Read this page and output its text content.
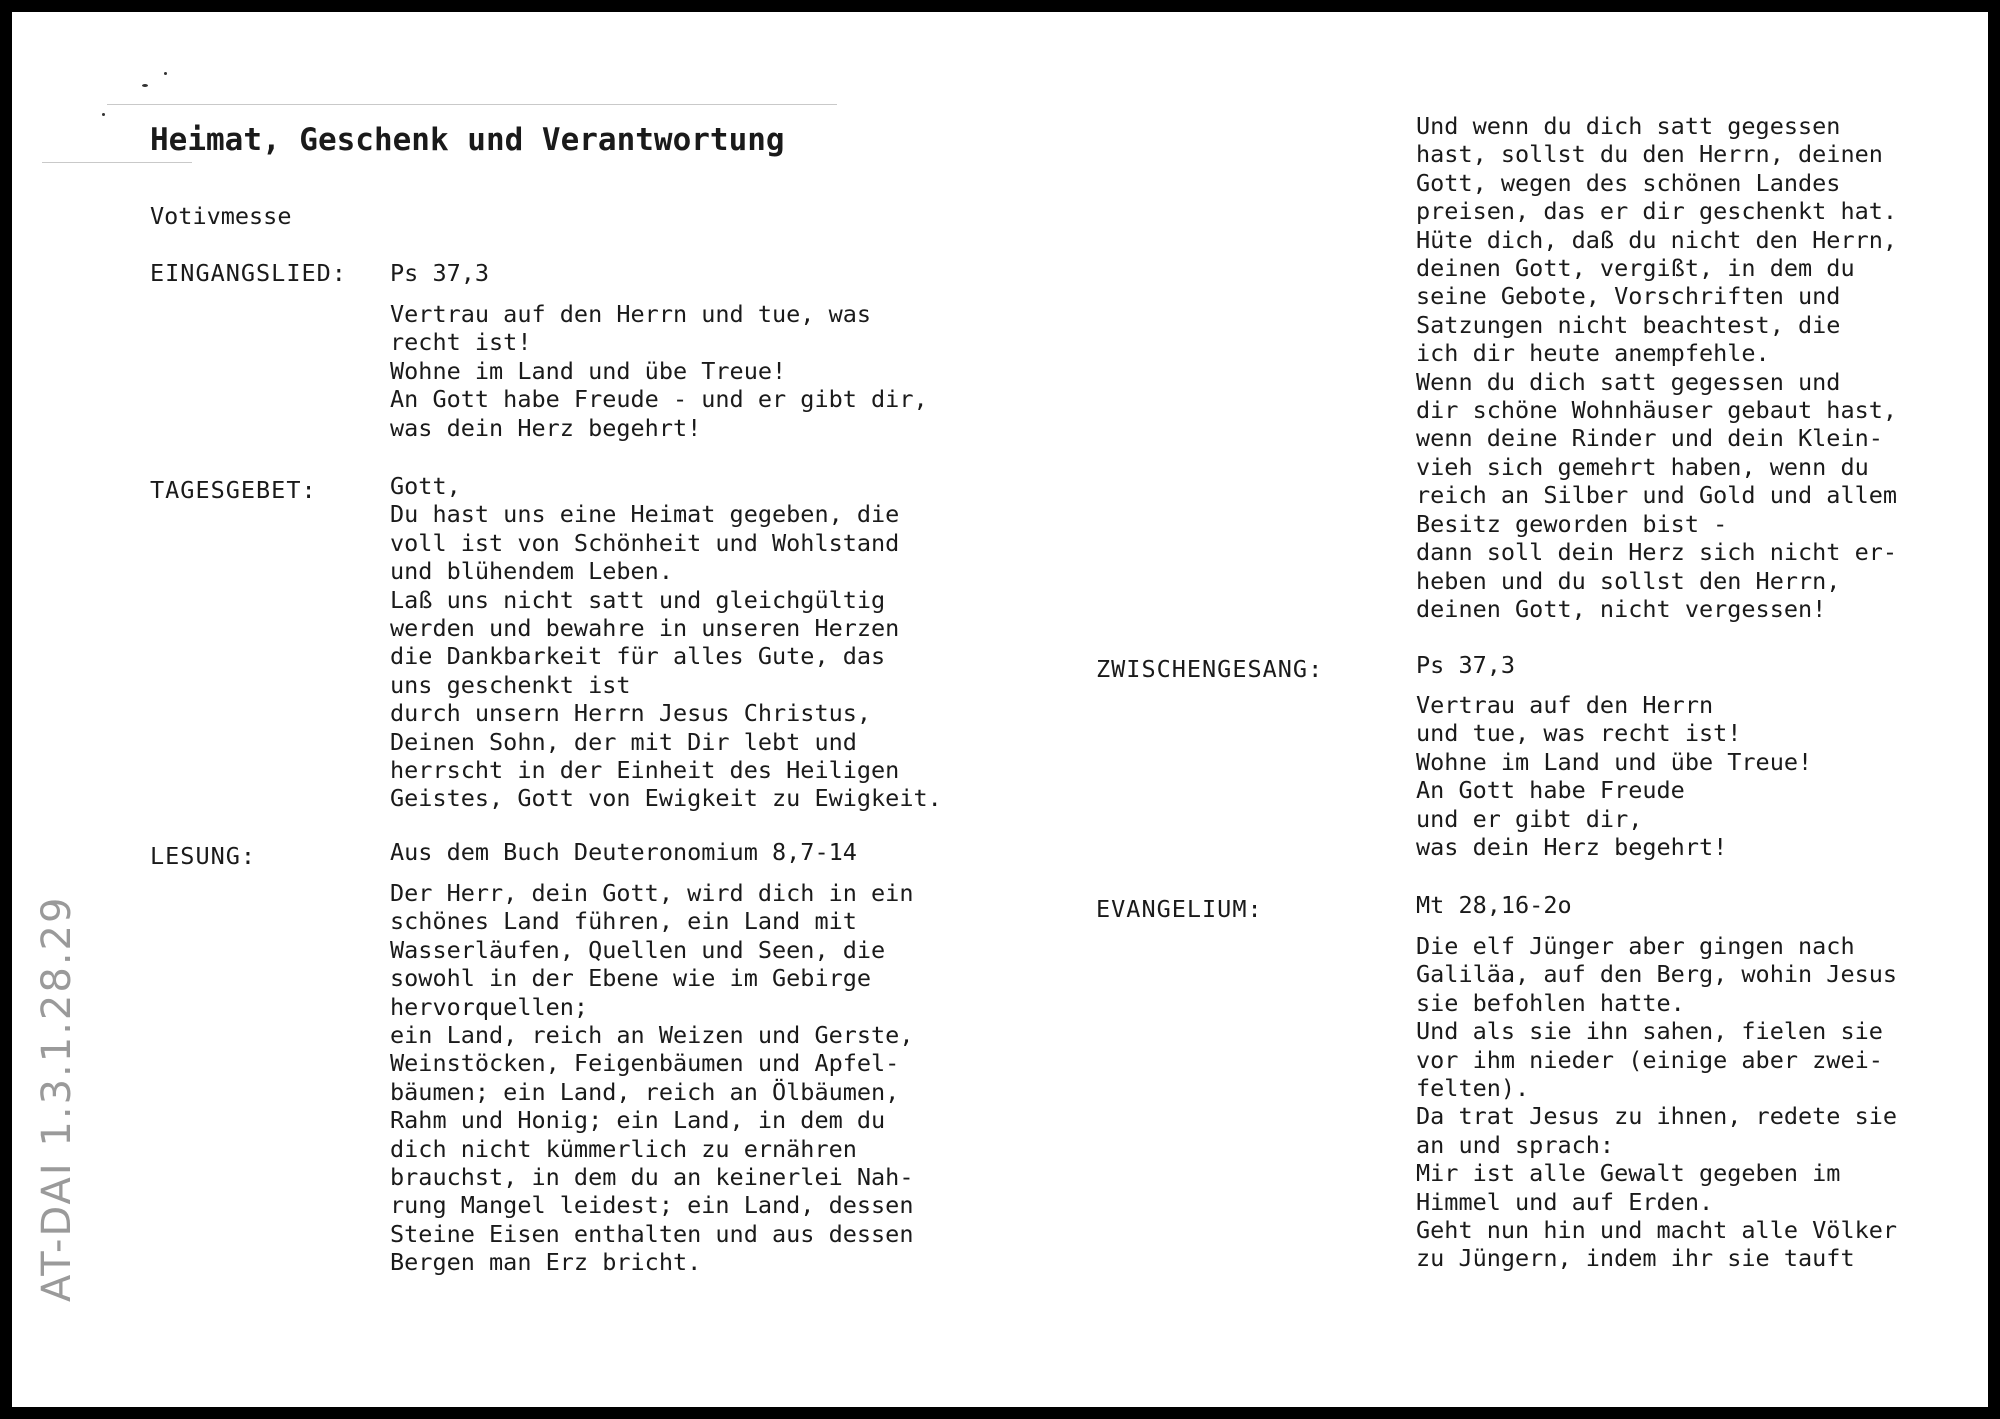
Heimat, Geschenk und Verantwortung

Votivmesse

EINGANGSLIED: Ps 37,3

Vertrau auf den Herrn und tue, was
recht ist!
Wohne im Land und übe Treue!
An Gott habe Freude - und er gibt dir,
was dein Herz begehrt!

TAGESGEBET:	Gott,
Du hast uns eine Heimat gegeben, die
voll ist von Schönheit und Wohlstand
und blühendem Leben.
Laß uns nicht satt und gleichgültig
werden und bewahre in unseren Herzen
die Dankbarkeit für alles Gute, das
uns geschenkt ist
durch unsern Herrn Jesus Christus,
Deinen Sohn, der mit Dir lebt und
herrscht in der Einheit des Heiligen
Geistes, Gott von Ewigkeit zu Ewigkeit.

LESUNG:	Aus dem Buch Deuteronomium 8,7-14

Der Herr, dein Gott, wird dich in ein
schönes Land führen, ein Land mit
Wasserläufen, Quellen und Seen, die
sowohl in der Ebene wie im Gebirge
hervorquellen;
ein Land, reich an Weizen und Gerste,
Weinstöcken, Feigenbäumen und Apfel-
bäumen; ein Land, reich an Ölbäumen,
Rahm und Honig; ein Land, in dem du
dich nicht kümmerlich zu ernähren
brauchst, in dem du an keinerlei Nah-
rung Mangel leidest; ein Land, dessen
Steine Eisen enthalten und aus dessen
Bergen man Erz bricht.

Und wenn du dich satt gegessen
hast, sollst du den Herrn, deinen
Gott, wegen des schönen Landes
preisen, das er dir geschenkt hat.
Hüte dich, daß du nicht den Herrn,
deinen Gott, vergißt, in dem du
seine Gebote, Vorschriften und
Satzungen nicht beachtest, die
ich dir heute anempfehle.
Wenn du dich satt gegessen und
dir schöne Wohnhäuser gebaut hast,
wenn deine Rinder und dein Klein-
vieh sich gemehrt haben, wenn du
reich an Silber und Gold und allem
Besitz geworden bist -
dann soll dein Herz sich nicht er-
heben und du sollst den Herrn,
deinen Gott, nicht vergessen!

ZWISCHENGESANG:	Ps 37,3

Vertrau auf den Herrn
und tue, was recht ist!
Wohne im Land und übe Treue!
An Gott habe Freude
und er gibt dir,
was dein Herz begehrt!

EVANGELIUM:	Mt 28,16-2o

Die elf Jünger aber gingen nach
Galiläa, auf den Berg, wohin Jesus
sie befohlen hatte.
Und als sie ihn sahen, fielen sie
vor ihm nieder (einige aber zwei-
felten).
Da trat Jesus zu ihnen, redete sie
an und sprach:
Mir ist alle Gewalt gegeben im
Himmel und auf Erden.
Geht nun hin und macht alle Völker
zu Jüngern, indem ihr sie tauft

AT-DAI 1.3.1.28.29
